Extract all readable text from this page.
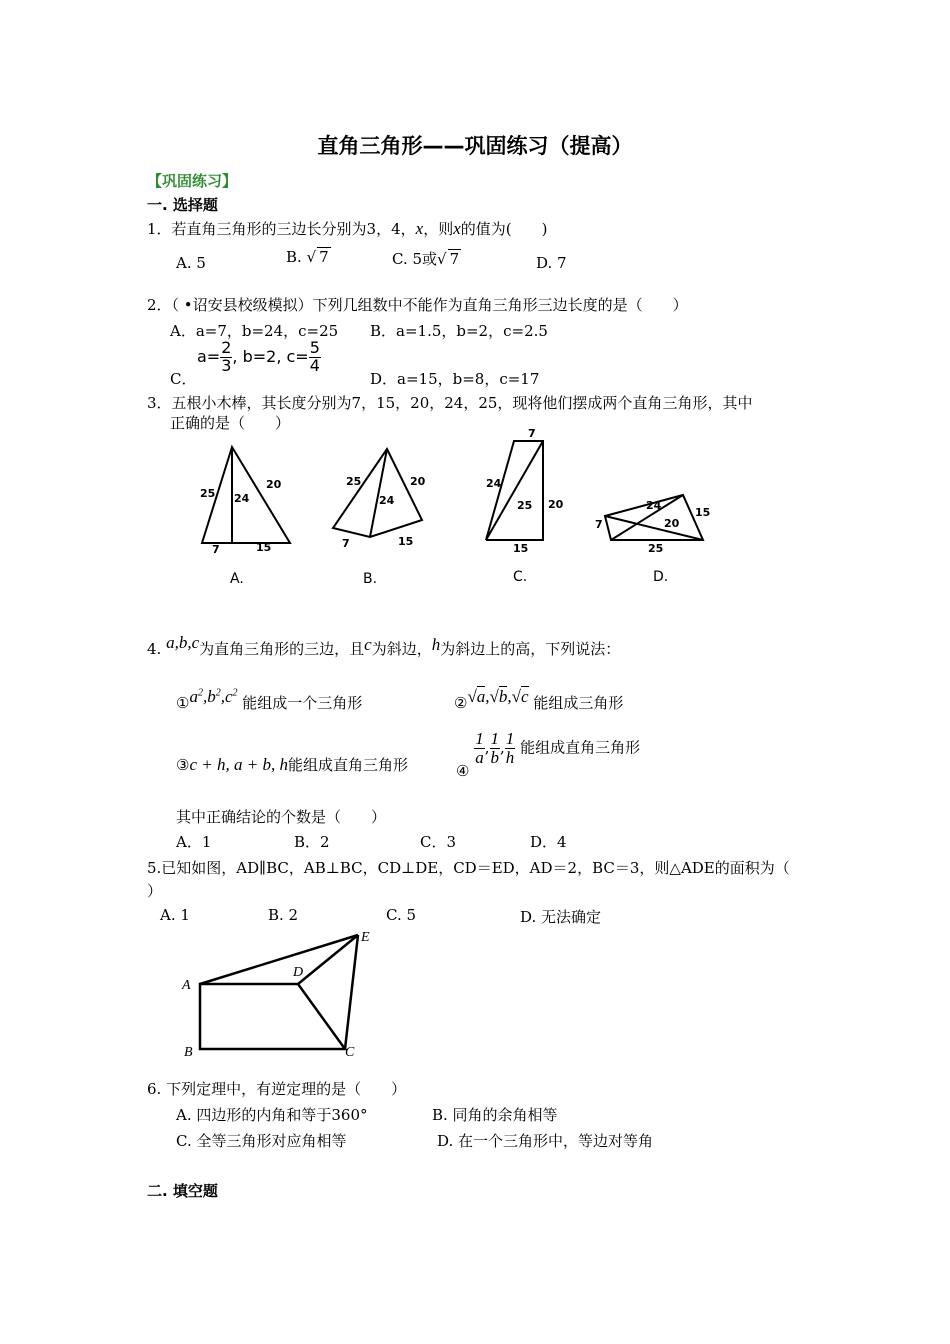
直角三角形——巩固练习（提高）
【巩固练习】
一. 选择题
1．若直角三角形的三边长分别为3，4，x，则x的值为(　　)
A. 5	B. √ 7	C. 5或√ 7	D. 7
2．（ •诏安县校级模拟）下列几组数中不能作为直角三角形三边长度的是（　　）
A．a=7，b=24，c=25 B．a=1.5，b=2，c=2.5
C．
$a= \frac{2}{3}$ , b=2, $c= \frac{5}{4}$
D．a=15，b=8，c=17
3．五根小木棒，其长度分别为7，15，20，24，25，现将他们摆成两个直角三角形，其中
正确的是（　　）
25 24
20
7	15
A.
25
24
20
7	15
B.
7
24
25 20
15
C.
7
24
20
15
25
D.
4. a,b,c为直角三角形的三边，且c为斜边，h为斜边上的高，下列说法：
$①a^2,b^2,c^2$ 能组成一个三角形	②√a,√b,√c 能组成三角形
③c + h, a + b, h能组成直角三角形	④
$\frac{1}{a}$ , $\frac{1}{b}$ , $\frac{1}{h}$ 能组成直角三角形
其中正确结论的个数是（　　）
A．1	B．2	C．3	D．4
5.已知如图，AD∥BC，AB⊥BC，CD⊥DE，CD＝ED，AD＝2，BC＝3，则△ADE的面积为（
）
A. 1	B. 2	C. 5	D. 无法确定
A
B	C
D
E
6. 下列定理中，有逆定理的是（　　）
A. 四边形的内角和等于360°	B. 同角的余角相等
C. 全等三角形对应角相等	D. 在一个三角形中，等边对等角
二. 填空题
